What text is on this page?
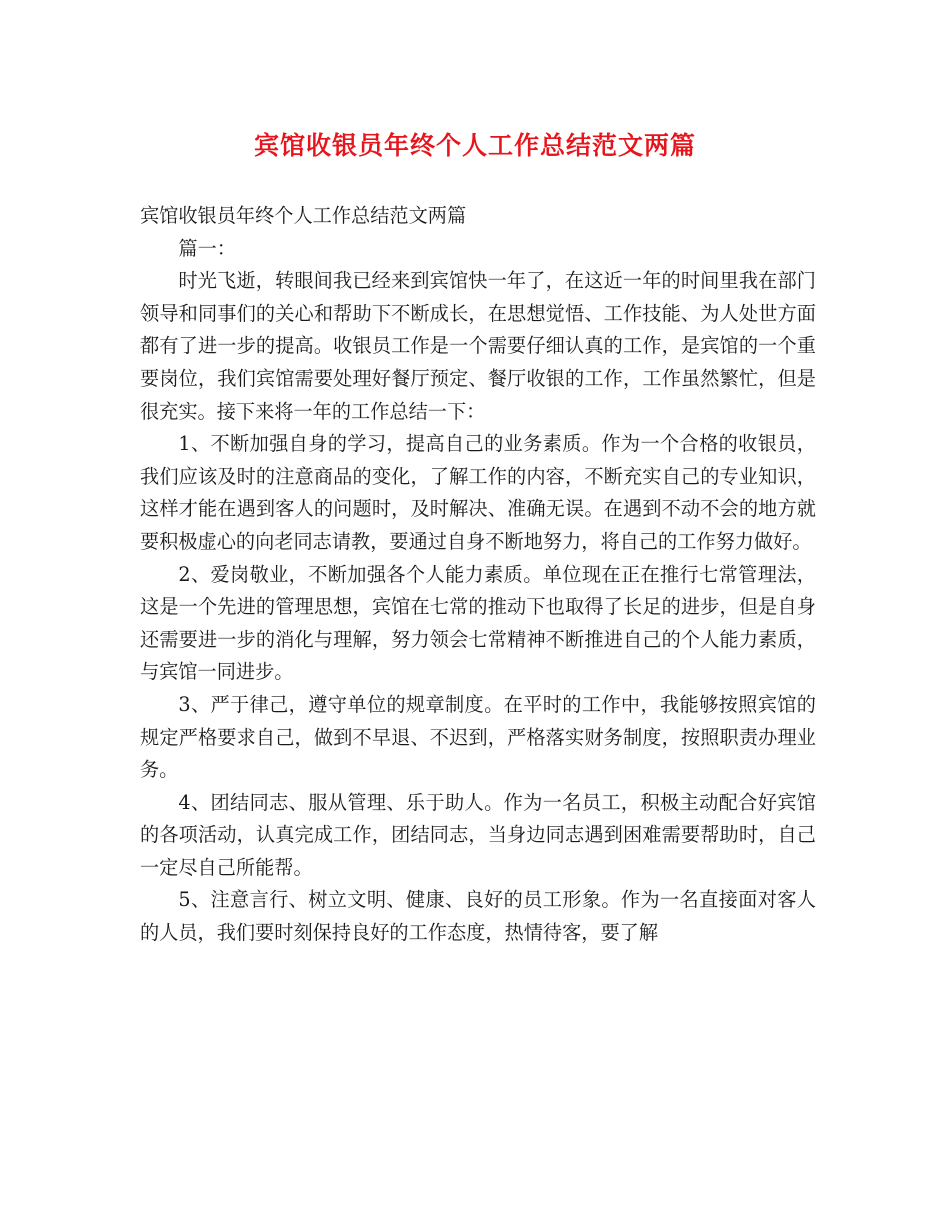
宾馆收银员年终个人工作总结范文两篇

宾馆收银员年终个人工作总结范文两篇

篇一：

时光飞逝，转眼间我已经来到宾馆快一年了，在这近一年的时间里我在部门领导和同事们的关心和帮助下不断成长，在思想觉悟、工作技能、为人处世方面都有了进一步的提高。收银员工作是一个需要仔细认真的工作，是宾馆的一个重要岗位，我们宾馆需要处理好餐厅预定、餐厅收银的工作，工作虽然繁忙，但是很充实。接下来将一年的工作总结一下：

1、不断加强自身的学习，提高自己的业务素质。作为一个合格的收银员，我们应该及时的注意商品的变化，了解工作的内容，不断充实自己的专业知识，这样才能在遇到客人的问题时，及时解决、准确无误。在遇到不动不会的地方就要积极虚心的向老同志请教，要通过自身不断地努力，将自己的工作努力做好。

2、爱岗敬业，不断加强各个人能力素质。单位现在正在推行七常管理法，这是一个先进的管理思想，宾馆在七常的推动下也取得了长足的进步，但是自身还需要进一步的消化与理解，努力领会七常精神不断推进自己的个人能力素质，与宾馆一同进步。

3、严于律己，遵守单位的规章制度。在平时的工作中，我能够按照宾馆的规定严格要求自己，做到不早退、不迟到，严格落实财务制度，按照职责办理业务。

4、团结同志、服从管理、乐于助人。作为一名员工，积极主动配合好宾馆的各项活动，认真完成工作，团结同志，当身边同志遇到困难需要帮助时，自己一定尽自己所能帮。

5、注意言行、树立文明、健康、良好的员工形象。作为一名直接面对客人的人员，我们要时刻保持良好的工作态度，热情待客，要了解
